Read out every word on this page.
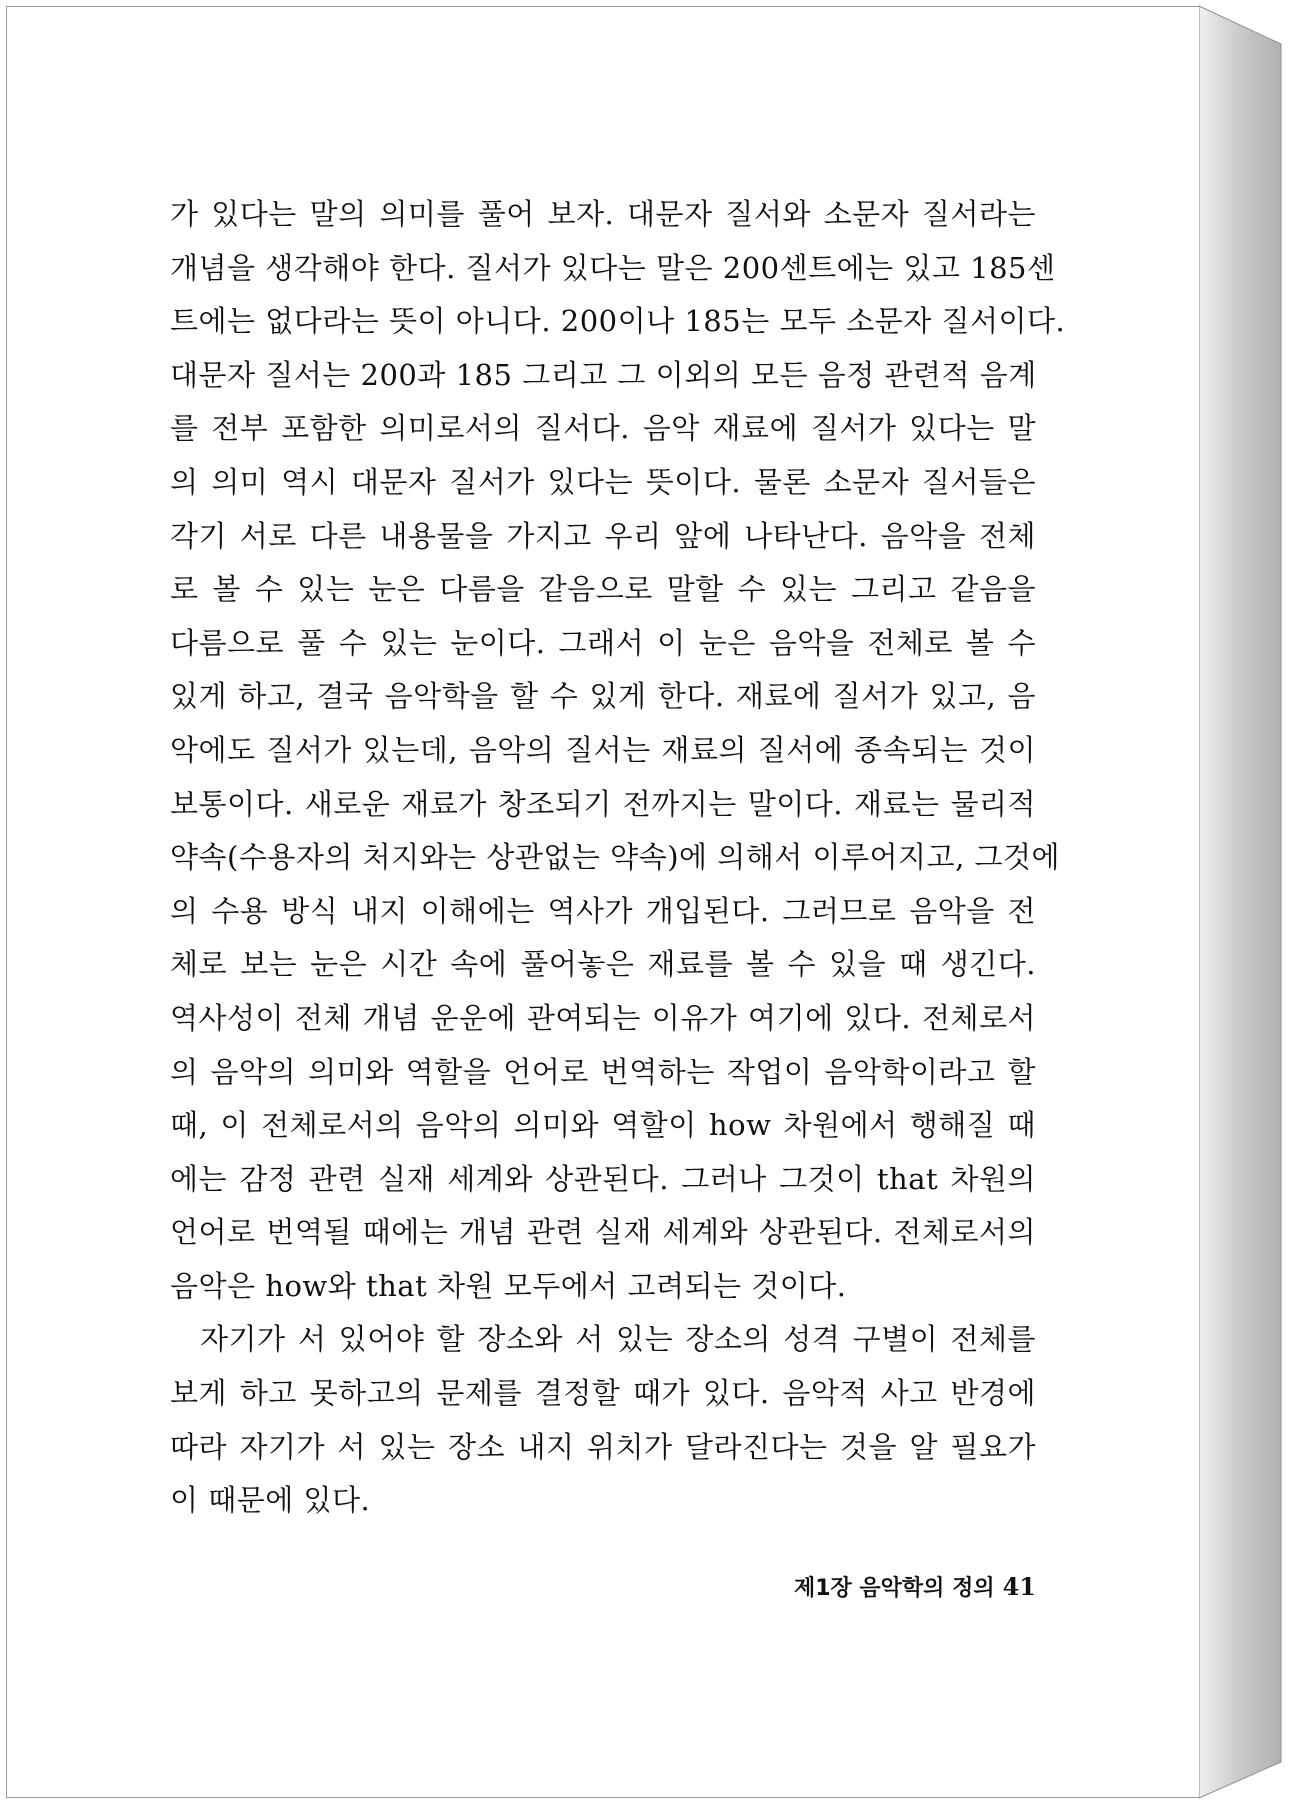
가 있다는 말의 의미를 풀어 보자. 대문자 질서와 소문자 질서라는
개념을 생각해야 한다. 질서가 있다는 말은 200센트에는 있고 185센
트에는 없다라는 뜻이 아니다. 200이나 185는 모두 소문자 질서이다.
대문자 질서는 200과 185 그리고 그 이외의 모든 음정 관련적 음계
를 전부 포함한 의미로서의 질서다. 음악 재료에 질서가 있다는 말
의 의미 역시 대문자 질서가 있다는 뜻이다. 물론 소문자 질서들은
각기 서로 다른 내용물을 가지고 우리 앞에 나타난다. 음악을 전체
로 볼 수 있는 눈은 다름을 같음으로 말할 수 있는 그리고 같음을
다름으로 풀 수 있는 눈이다. 그래서 이 눈은 음악을 전체로 볼 수
있게 하고, 결국 음악학을 할 수 있게 한다. 재료에 질서가 있고, 음
악에도 질서가 있는데, 음악의 질서는 재료의 질서에 종속되는 것이
보통이다. 새로운 재료가 창조되기 전까지는 말이다. 재료는 물리적
약속(수용자의 처지와는 상관없는 약속)에 의해서 이루어지고, 그것에
의 수용 방식 내지 이해에는 역사가 개입된다. 그러므로 음악을 전
체로 보는 눈은 시간 속에 풀어놓은 재료를 볼 수 있을 때 생긴다.
역사성이 전체 개념 운운에 관여되는 이유가 여기에 있다. 전체로서
의 음악의 의미와 역할을 언어로 번역하는 작업이 음악학이라고 할
때, 이 전체로서의 음악의 의미와 역할이 how 차원에서 행해질 때
에는 감정 관련 실재 세계와 상관된다. 그러나 그것이 that 차원의
언어로 번역될 때에는 개념 관련 실재 세계와 상관된다. 전체로서의
음악은 how와 that 차원 모두에서 고려되는 것이다.
자기가 서 있어야 할 장소와 서 있는 장소의 성격 구별이 전체를
보게 하고 못하고의 문제를 결정할 때가 있다. 음악적 사고 반경에
따라 자기가 서 있는 장소 내지 위치가 달라진다는 것을 알 필요가
이 때문에 있다.
제1장 음악학의 정의 41
